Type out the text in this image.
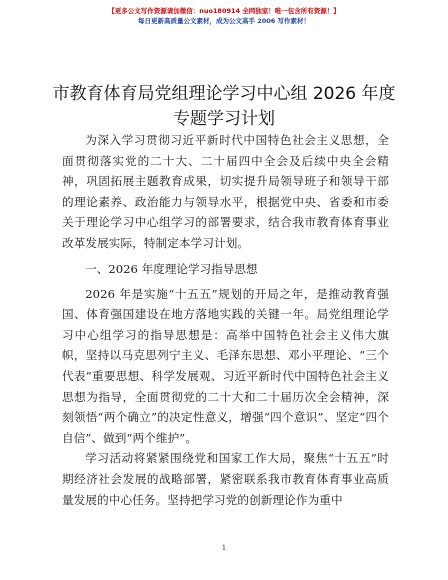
【更多公文写作资源请加微信：nuo180914 全网独家！唯一包含所有资源！】
每日更新高质量公文素材，成为公文高手 2006 写作素材！
市教育体育局党组理论学习中心组 2026 年度专题学习计划

为深入学习贯彻习近平新时代中国特色社会主义思想，全面贯彻落实党的二十大、二十届四中全会及后续中央全会精神，巩固拓展主题教育成果，切实提升局领导班子和领导干部的理论素养、政治能力与领导水平，根据党中央、省委和市委关于理论学习中心组学习的部署要求，结合我市教育体育事业改革发展实际，特制定本学习计划。

一、2026 年度理论学习指导思想

2026 年是实施“十五五”规划的开局之年，是推动教育强国、体育强国建设在地方落地实践的关键一年。局党组理论学习中心组学习的指导思想是：高举中国特色社会主义伟大旗帜，坚持以马克思列宁主义、毛泽东思想、邓小平理论、“三个代表”重要思想、科学发展观、习近平新时代中国特色社会主义思想为指导，全面贯彻党的二十大和二十届历次全会精神，深刻领悟“两个确立”的决定性意义，增强“四个意识”、坚定“四个自信”、做到“两个维护”。

学习活动将紧紧围绕党和国家工作大局，聚焦“十五五”时期经济社会发展的战略部署，紧密联系我市教育体育事业高质量发展的中心任务。坚持把学习党的创新理论作为重中

1
